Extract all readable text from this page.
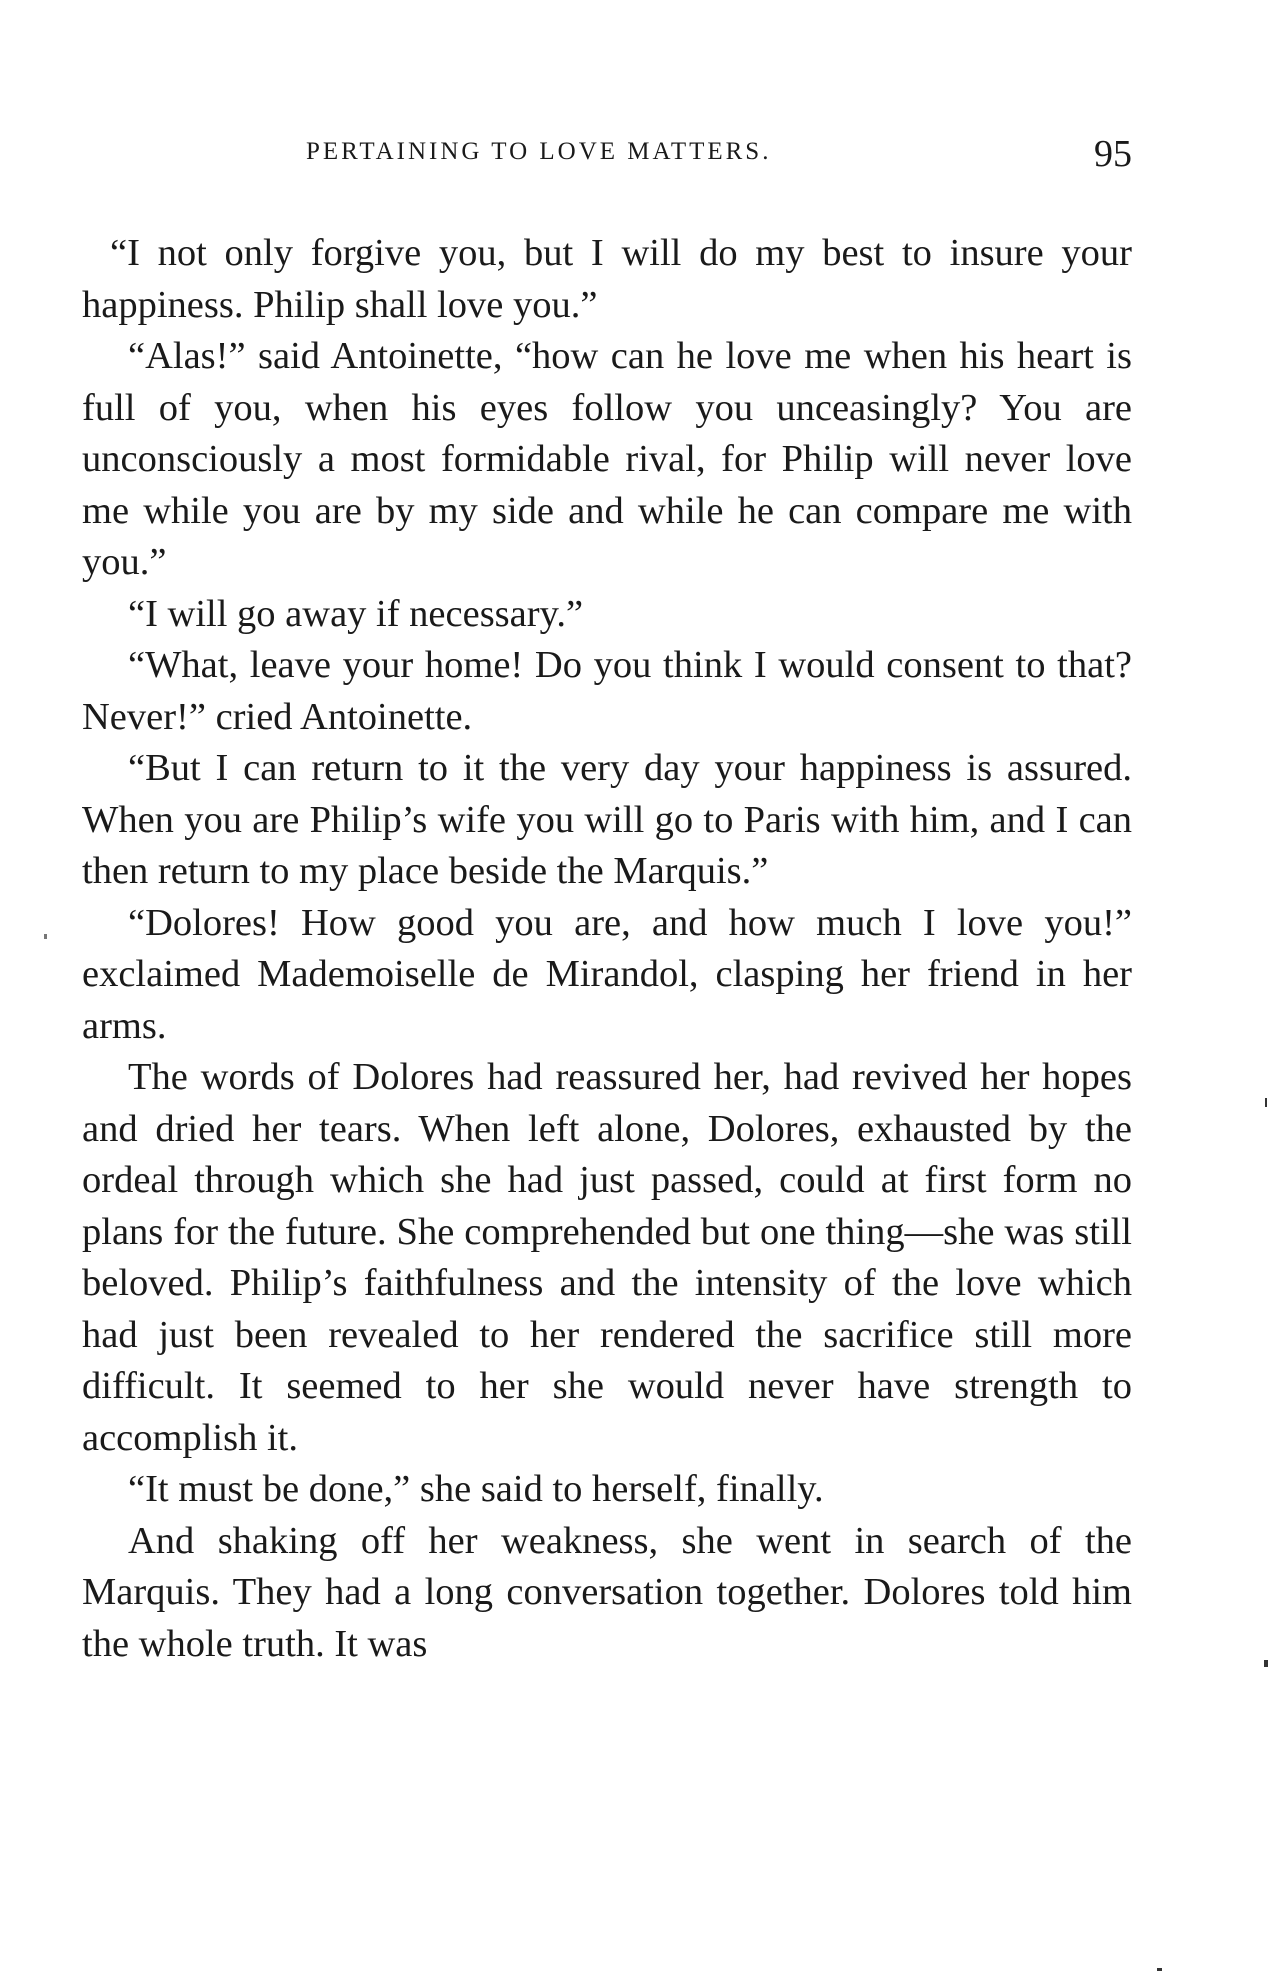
PERTAINING TO LOVE MATTERS.	95

“I not only forgive you, but I will do my best to insure your happiness. Philip shall love you.”

“Alas!” said Antoinette, “how can he love me when his heart is full of you, when his eyes follow you unceasingly? You are unconsciously a most formidable rival, for Philip will never love me while you are by my side and while he can compare me with you.”

“I will go away if necessary.”

“What, leave your home! Do you think I would consent to that? Never!” cried Antoinette.

“But I can return to it the very day your happiness is assured. When you are Philip’s wife you will go to Paris with him, and I can then return to my place beside the Marquis.”

“Dolores! How good you are, and how much I love you!” exclaimed Mademoiselle de Mirandol, clasping her friend in her arms.

The words of Dolores had reassured her, had revived her hopes and dried her tears. When left alone, Dolores, exhausted by the ordeal through which she had just passed, could at first form no plans for the future. She comprehended but one thing—she was still beloved. Philip’s faithfulness and the intensity of the love which had just been revealed to her rendered the sacrifice still more difficult. It seemed to her she would never have strength to accomplish it.

“It must be done,” she said to herself, finally.

And shaking off her weakness, she went in search of the Marquis. They had a long conversation together. Dolores told him the whole truth. It was
